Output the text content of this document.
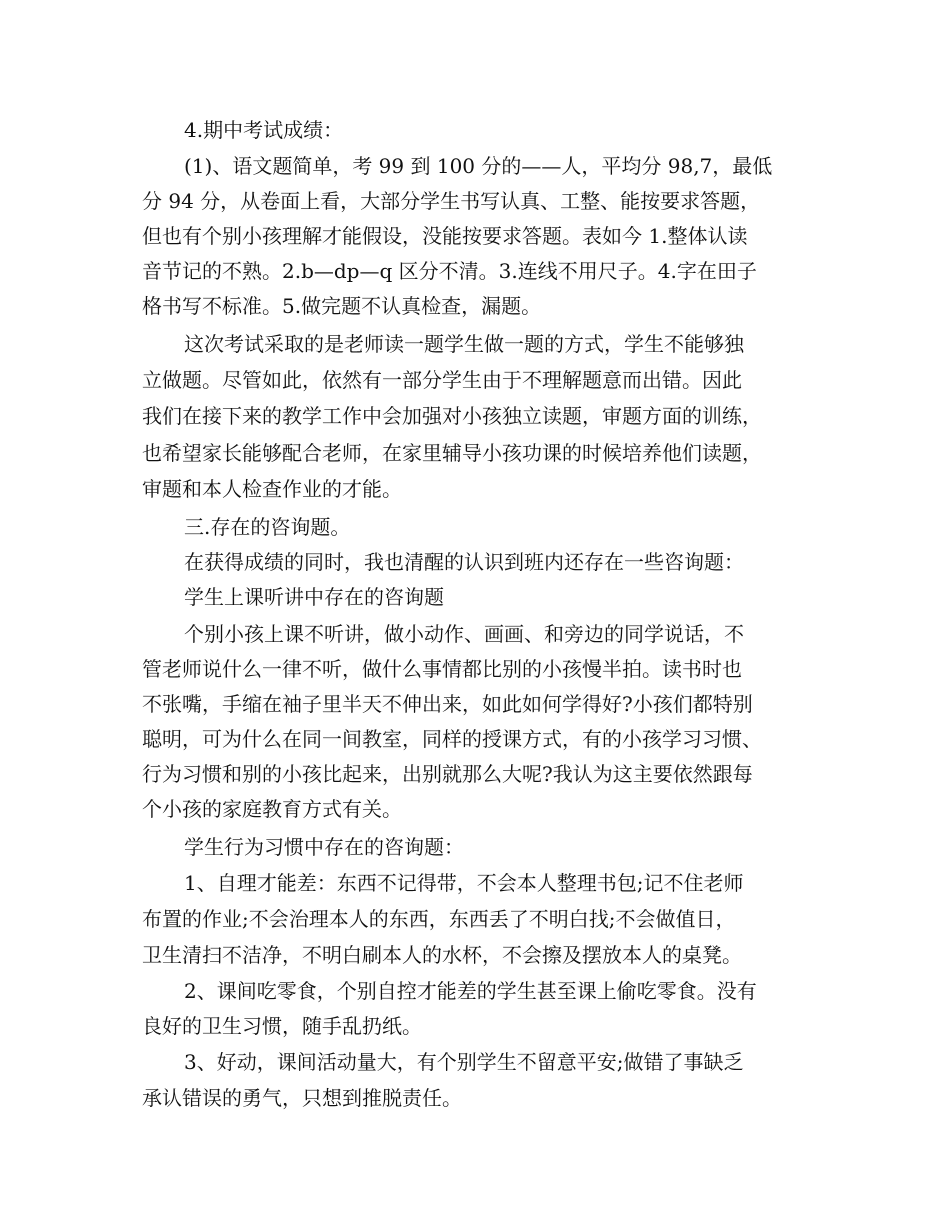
4.期中考试成绩：
(1)、语文题简单，考 99 到 100 分的——人，平均分 98,7，最低
分 94 分，从卷面上看，大部分学生书写认真、工整、能按要求答题，
但也有个别小孩理解才能假设，没能按要求答题。表如今 1.整体认读
音节记的不熟。2.b—dp—q 区分不清。3.连线不用尺子。4.字在田子
格书写不标准。5.做完题不认真检查，漏题。
这次考试采取的是老师读一题学生做一题的方式，学生不能够独
立做题。尽管如此，依然有一部分学生由于不理解题意而出错。因此
我们在接下来的教学工作中会加强对小孩独立读题，审题方面的训练，
也希望家长能够配合老师，在家里辅导小孩功课的时候培养他们读题，
审题和本人检查作业的才能。
三.存在的咨询题。
在获得成绩的同时，我也清醒的认识到班内还存在一些咨询题：
学生上课听讲中存在的咨询题
个别小孩上课不听讲，做小动作、画画、和旁边的同学说话，不
管老师说什么一律不听，做什么事情都比别的小孩慢半拍。读书时也
不张嘴，手缩在袖子里半天不伸出来，如此如何学得好?小孩们都特别
聪明，可为什么在同一间教室，同样的授课方式，有的小孩学习习惯、
行为习惯和别的小孩比起来，出别就那么大呢?我认为这主要依然跟每
个小孩的家庭教育方式有关。
学生行为习惯中存在的咨询题：
1、自理才能差：东西不记得带，不会本人整理书包;记不住老师
布置的作业;不会治理本人的东西，东西丢了不明白找;不会做值日，
卫生清扫不洁净，不明白刷本人的水杯，不会擦及摆放本人的桌凳。
2、课间吃零食，个别自控才能差的学生甚至课上偷吃零食。没有
良好的卫生习惯，随手乱扔纸。
3、好动，课间活动量大，有个别学生不留意平安;做错了事缺乏
承认错误的勇气，只想到推脱责任。
